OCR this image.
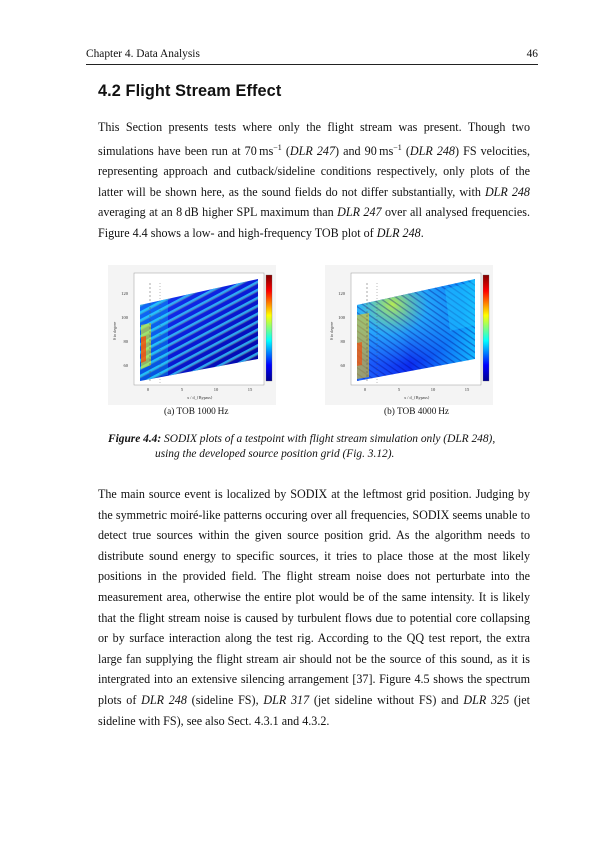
Chapter 4. Data Analysis	46
4.2 Flight Stream Effect

This Section presents tests where only the flight stream was present. Though two simulations have been run at 70 $ms^{-1}$ (DLR 247) and 90 $ms^{-1}$ (DLR 248) FS velocities, representing approach and cutback/sideline conditions respectively, only plots of the latter will be shown here, as the sound fields do not differ substantially, with DLR 248 averaging at an 8 dB higher SPL maximum than DLR 247 over all analysed frequencies. Figure 4.4 shows a low- and high-frequency TOB plot of DLR 248.

120
100
80
60
θ in degree
0	5	10	15
x / d_{Bypass}
120
100
80
60
θ in degree
0	5	10	15
x / d_{Bypass}
(a) TOB 1000 Hz	(b) TOB 4000 Hz
Figure 4.4: SODIX plots of a testpoint with flight stream simulation only (DLR 248),
using the developed source position grid (Fig. 3.12).

The main source event is localized by SODIX at the leftmost grid position. Judging by the symmetric moiré-like patterns occuring over all frequencies, SODIX seems unable to detect true sources within the given source position grid. As the algorithm needs to distribute sound energy to specific sources, it tries to place those at the most likely positions in the provided field. The flight stream noise does not perturbate into the measurement area, otherwise the entire plot would be of the same intensity. It is likely that the flight stream noise is caused by turbulent flows due to potential core collapsing or by surface interaction along the test rig. According to the QQ test report, the extra large fan supplying the flight stream air should not be the source of this sound, as it is intergrated into an extensive silencing arrangement [37]. Figure 4.5 shows the spectrum plots of DLR 248 (sideline FS), DLR 317 (jet sideline without FS) and DLR 325 (jet sideline with FS), see also Sect. 4.3.1 and 4.3.2.
